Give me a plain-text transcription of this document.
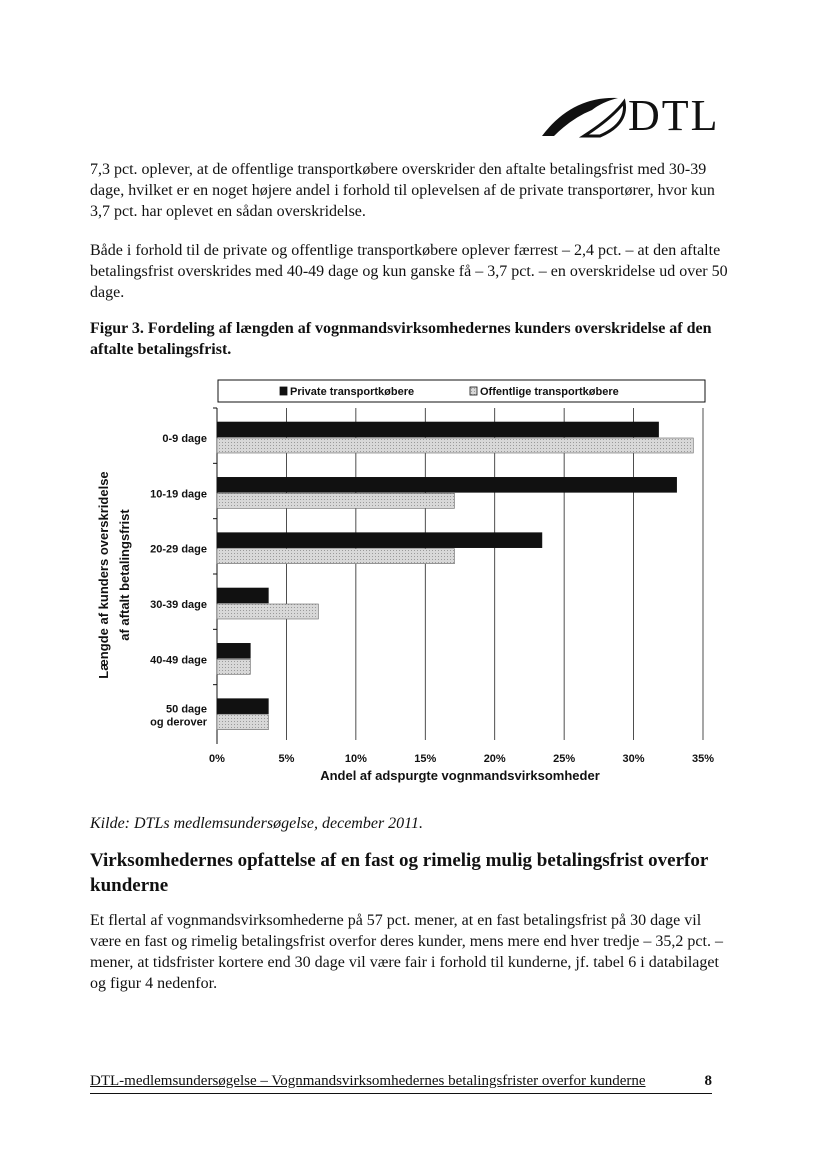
DTL

7,3 pct. oplever, at de offentlige transportkøbere overskrider den aftalte betalingsfrist med 30-39 dage, hvilket er en noget højere andel i forhold til oplevelsen af de private transportører, hvor kun 3,7 pct. har oplevet en sådan overskridelse.

Både i forhold til de private og offentlige transportkøbere oplever færrest – 2,4 pct. – at den aftalte betalingsfrist overskrides med 40-49 dage og kun ganske få – 3,7 pct. – en overskridelse ud over 50 dage.

Figur 3. Fordeling af længden af vognmandsvirksomhedernes kunders overskridelse af den aftalte betalingsfrist.

Private transportkøbere	Offentlige transportkøbere
0%	5%	10%	15%	20%	25%	30%	35%
0-9 dage
10-19 dage
20-29 dage
30-39 dage
40-49 dage
50 dage og derover
Andel af adspurgte vognmandsvirksomheder
Længde af kunders overskridelse af aftalt betalingsfrist
Kilde: DTLs medlemsundersøgelse, december 2011.

Virksomhedernes opfattelse af en fast og rimelig mulig betalingsfrist overfor kunderne

Et flertal af vognmandsvirksomhederne på 57 pct. mener, at en fast betalingsfrist på 30 dage vil være en fast og rimelig betalingsfrist overfor deres kunder, mens mere end hver tredje – 35,2 pct. – mener, at tidsfrister kortere end 30 dage vil være fair i forhold til kunderne, jf. tabel 6 i databilaget og figur 4 nedenfor.

DTL-medlemsundersøgelse – Vognmandsvirksomhedernes betalingsfrister overfor kunderne	8
